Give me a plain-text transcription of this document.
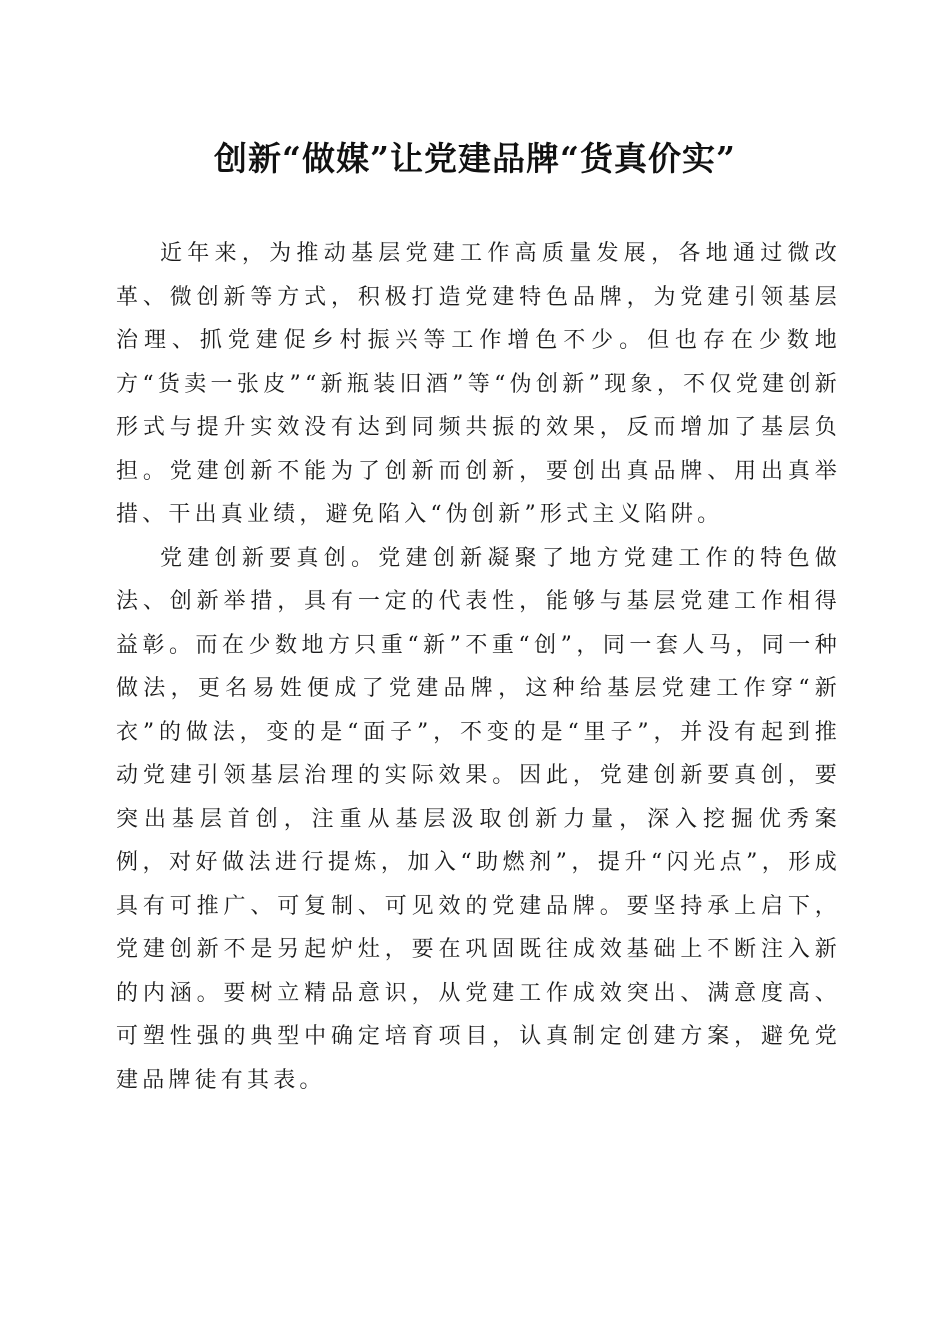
创新“做媒”让党建品牌“货真价实”

近年来，为推动基层党建工作高质量发展，各地通过微改革、微创新等方式，积极打造党建特色品牌，为党建引领基层治理、抓党建促乡村振兴等工作增色不少。但也存在少数地方“货卖一张皮”“新瓶装旧酒”等“伪创新”现象，不仅党建创新形式与提升实效没有达到同频共振的效果，反而增加了基层负担。党建创新不能为了创新而创新，要创出真品牌、用出真举措、干出真业绩，避免陷入“伪创新”形式主义陷阱。

党建创新要真创。党建创新凝聚了地方党建工作的特色做法、创新举措，具有一定的代表性，能够与基层党建工作相得益彰。而在少数地方只重“新”不重“创”，同一套人马，同一种做法，更名易姓便成了党建品牌，这种给基层党建工作穿“新衣”的做法，变的是“面子”，不变的是“里子”，并没有起到推动党建引领基层治理的实际效果。因此，党建创新要真创，要突出基层首创，注重从基层汲取创新力量，深入挖掘优秀案例，对好做法进行提炼，加入“助燃剂”，提升“闪光点”，形成具有可推广、可复制、可见效的党建品牌。要坚持承上启下，党建创新不是另起炉灶，要在巩固既往成效基础上不断注入新的内涵。要树立精品意识，从党建工作成效突出、满意度高、可塑性强的典型中确定培育项目，认真制定创建方案，避免党建品牌徒有其表。
